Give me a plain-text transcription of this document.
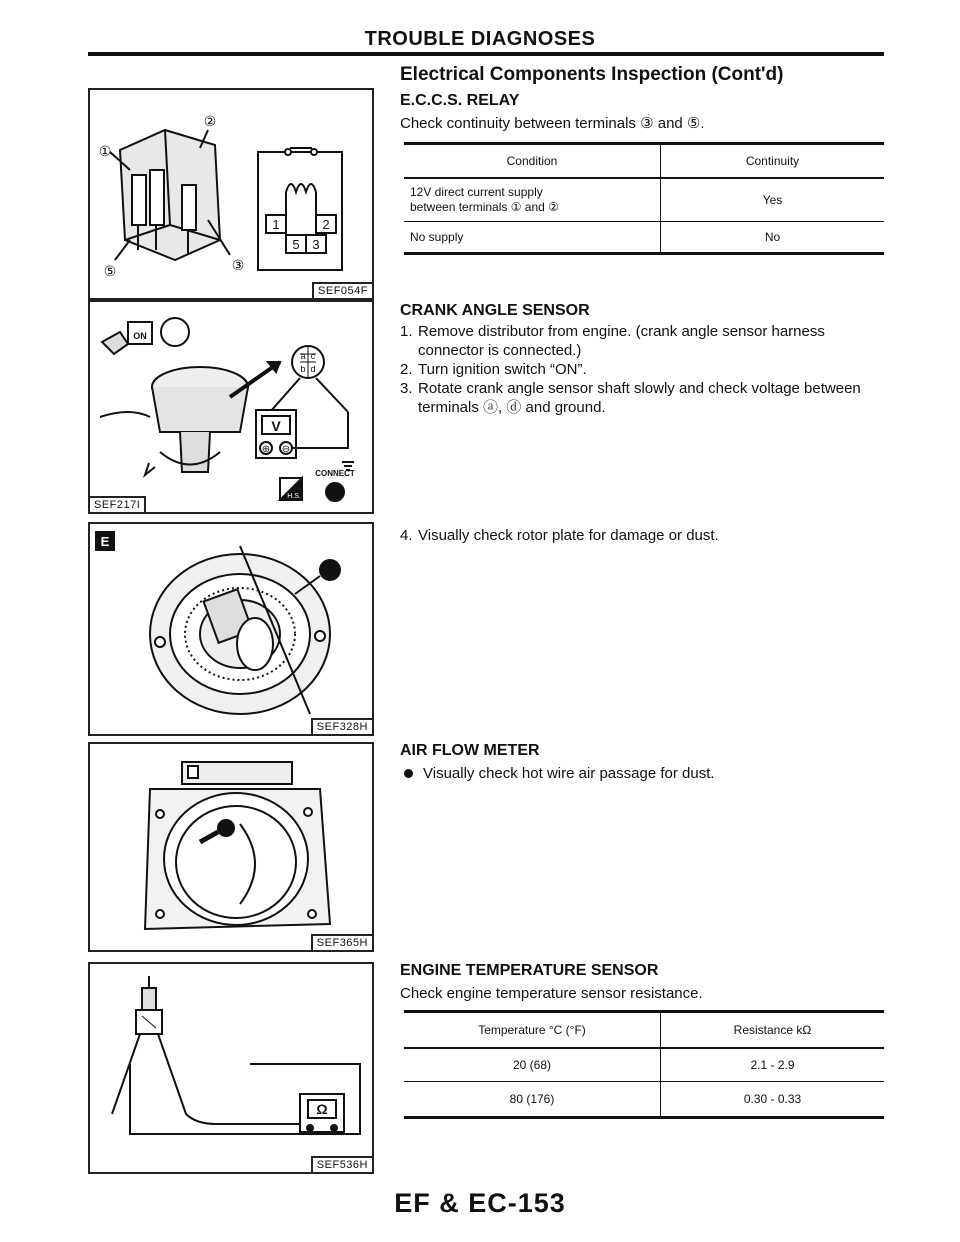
TROUBLE DIAGNOSES
①
②
③
⑤
1	2
5 3
SEF054F
ON
a c
b d
V
⊕ ⊖
CONNECT
H.S.
SEF217I
E
SEF328H
SEF365H
Ω
SEF536H
Electrical Components Inspection (Cont'd)
E.C.C.S. RELAY
Check continuity between terminals ③ and ⑤.
Condition	Continuity

12V direct current supply
between terminals ① and ②	Yes
No supply	No
CRANK ANGLE SENSOR
1. Remove distributor from engine. (crank angle sensor harness connector is connected.)
2. Turn ignition switch “ON”.
3. Rotate crank angle sensor shaft slowly and check voltage between terminals ⓐ, ⓓ and ground.
4. Visually check rotor plate for damage or dust.
AIR FLOW METER
Visually check hot wire air passage for dust.
ENGINE TEMPERATURE SENSOR
Check engine temperature sensor resistance.
Temperature °C (°F)	Resistance kΩ
20 (68)	2.1 - 2.9
80 (176)	0.30 - 0.33
EF & EC-153
